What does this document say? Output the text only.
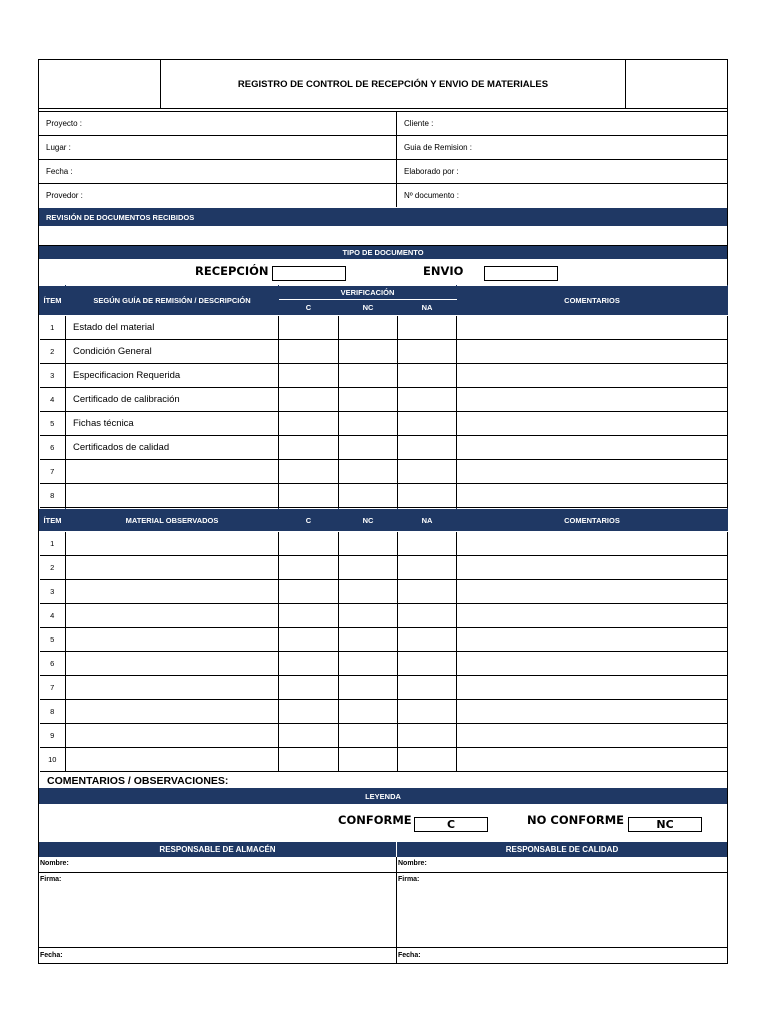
REGISTRO DE CONTROL DE RECEPCIÓN Y ENVIO DE MATERIALES
Proyecto :	Cliente :
Lugar :	Guia de Remision :
Fecha :	Elaborado por :
Provedor :	Nº documento :
REVISIÓN DE DOCUMENTOS RECIBIDOS
TIPO DE DOCUMENTO
RECEPCIÓN	ENVIO
ÍTEM	SEGÚN GUÍA DE REMISIÓN / DESCRIPCIÓN	VERIFICACIÓN			COMENTARIOS
		C	NC	NA	
1	Estado del material				
2	Condición General				
3	Especificacion Requerida				
4	Certificado de calibración				
5	Fichas técnica				
6	Certificados de calidad				
7					
8					
ÍTEM	MATERIAL OBSERVADOS	C	NC	NA	COMENTARIOS
1					
2					
3					
4					
5					
6					
7					
8					
9					
10					
COMENTARIOS / OBSERVACIONES:
LEYENDA
CONFORME	C	NO CONFORME	NC
RESPONSABLE DE ALMACÉN	RESPONSABLE DE CALIDAD
Nombre:
Firma:
Fecha:
Nombre:
Firma:
Fecha:
